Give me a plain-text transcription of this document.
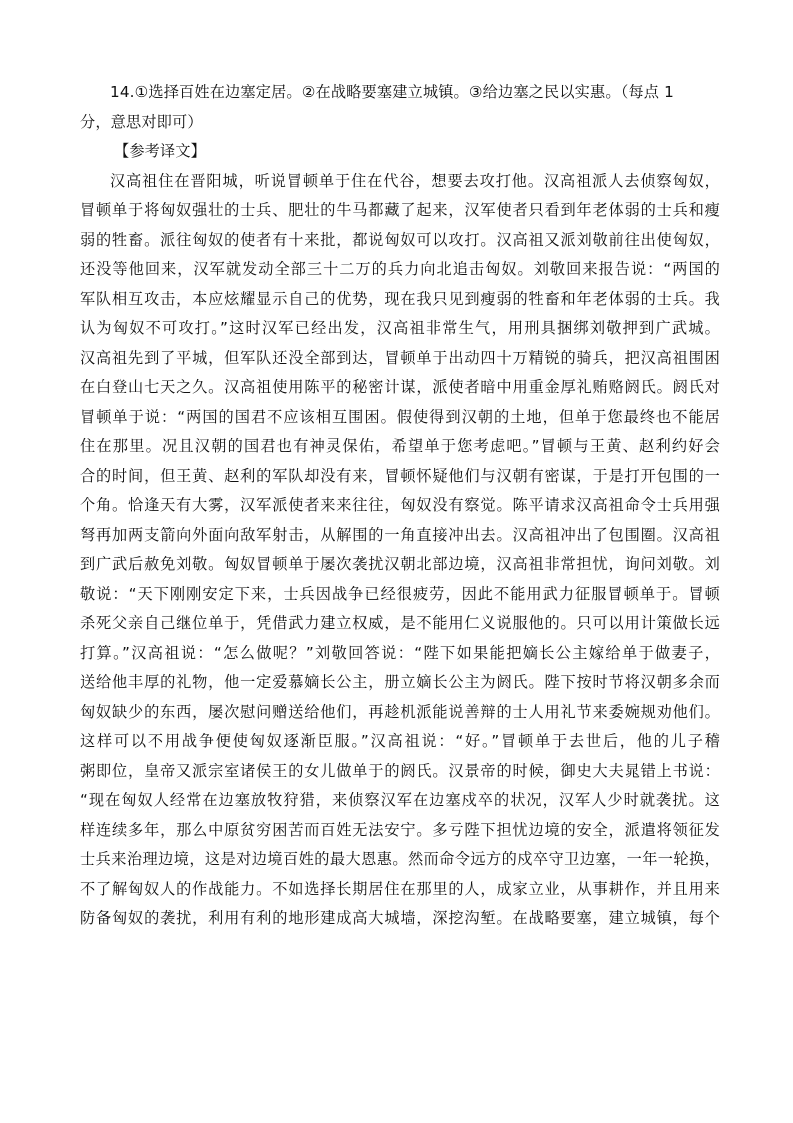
14.①选择百姓在边塞定居。②在战略要塞建立城镇。③给边塞之民以实惠。（每点 1
分，意思对即可）
【参考译文】
汉高祖住在晋阳城，听说冒顿单于住在代谷，想要去攻打他。汉高祖派人去侦察匈奴，
冒顿单于将匈奴强壮的士兵、肥壮的牛马都藏了起来，汉军使者只看到年老体弱的士兵和瘦
弱的牲畜。派往匈奴的使者有十来批，都说匈奴可以攻打。汉高祖又派刘敬前往出使匈奴，
还没等他回来，汉军就发动全部三十二万的兵力向北追击匈奴。刘敬回来报告说：“两国的
军队相互攻击，本应炫耀显示自己的优势，现在我只见到瘦弱的牲畜和年老体弱的士兵。我
认为匈奴不可攻打。”这时汉军已经出发，汉高祖非常生气，用刑具捆绑刘敬押到广武城。
汉高祖先到了平城，但军队还没全部到达，冒顿单于出动四十万精锐的骑兵，把汉高祖围困
在白登山七天之久。汉高祖使用陈平的秘密计谋，派使者暗中用重金厚礼贿赂阏氏。阏氏对
冒顿单于说：“两国的国君不应该相互围困。假使得到汉朝的土地，但单于您最终也不能居
住在那里。况且汉朝的国君也有神灵保佑，希望单于您考虑吧。”冒顿与王黄、赵利约好会
合的时间，但王黄、赵利的军队却没有来，冒顿怀疑他们与汉朝有密谋，于是打开包围的一
个角。恰逢天有大雾，汉军派使者来来往往，匈奴没有察觉。陈平请求汉高祖命令士兵用强
弩再加两支箭向外面向敌军射击，从解围的一角直接冲出去。汉高祖冲出了包围圈。汉高祖
到广武后赦免刘敬。匈奴冒顿单于屡次袭扰汉朝北部边境，汉高祖非常担忧，询问刘敬。刘
敬说：“天下刚刚安定下来，士兵因战争已经很疲劳，因此不能用武力征服冒顿单于。冒顿
杀死父亲自己继位单于，凭借武力建立权威，是不能用仁义说服他的。只可以用计策做长远
打算。”汉高祖说：“怎么做呢？”刘敬回答说：“陛下如果能把嫡长公主嫁给单于做妻子，
送给他丰厚的礼物，他一定爱慕嫡长公主，册立嫡长公主为阏氏。陛下按时节将汉朝多余而
匈奴缺少的东西，屡次慰问赠送给他们，再趁机派能说善辩的士人用礼节来委婉规劝他们。
这样可以不用战争便使匈奴逐渐臣服。”汉高祖说：“好。”冒顿单于去世后，他的儿子稽
粥即位，皇帝又派宗室诸侯王的女儿做单于的阏氏。汉景帝的时候，御史大夫晁错上书说：
“现在匈奴人经常在边塞放牧狩猎，来侦察汉军在边塞戍卒的状况，汉军人少时就袭扰。这
样连续多年，那么中原贫穷困苦而百姓无法安宁。多亏陛下担忧边境的安全，派遣将领征发
士兵来治理边境，这是对边境百姓的最大恩惠。然而命令远方的戍卒守卫边塞，一年一轮换，
不了解匈奴人的作战能力。不如选择长期居住在那里的人，成家立业，从事耕作，并且用来
防备匈奴的袭扰，利用有利的地形建成高大城墙，深挖沟堑。在战略要塞，建立城镇，每个
